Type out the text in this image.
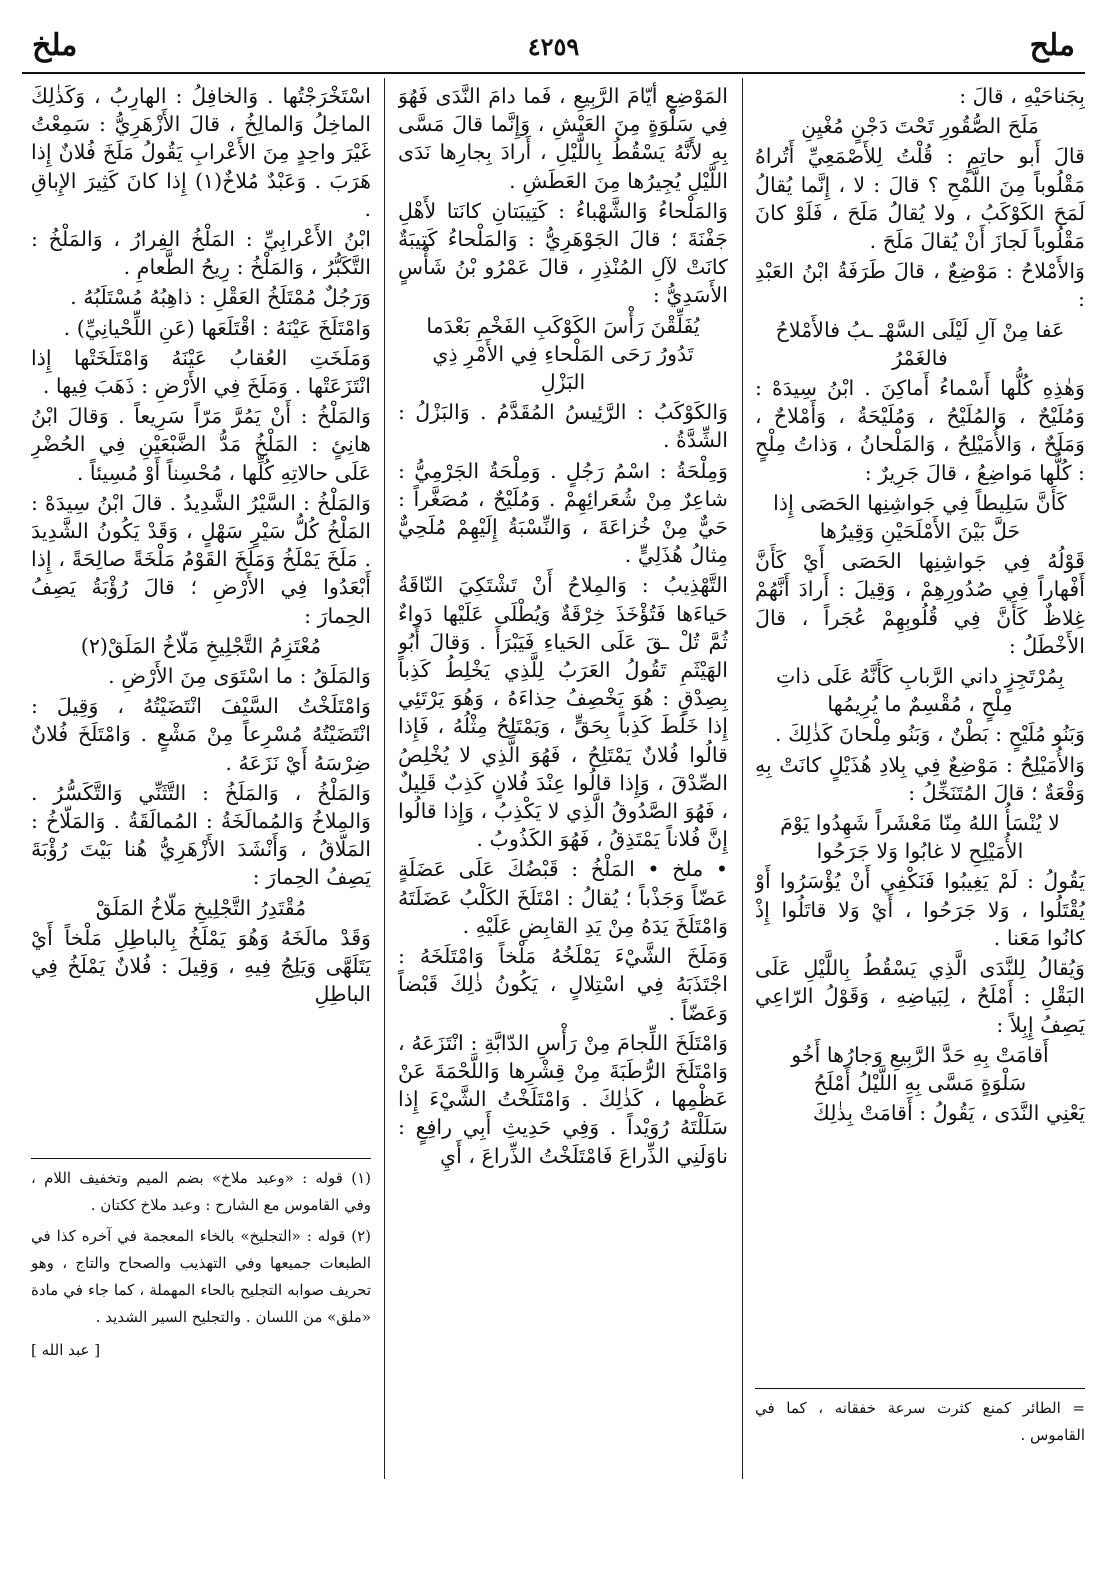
ملح
٤٢٥٩
ملخ

بِجَناحَيْهِ ، قالَ :

مَلَحَ الصُّقُورِ تَحْتَ دَجْنٍ مُغْيِنِ

قالَ أَبو حاتِمٍ : قُلْتُ لِلأَصْمَعِيِّ أَتُراهُ مَقْلُوباً مِنَ اللَّمْحِ ؟ قالَ : لا ، إِنَّما يُقالُ لَمَحَ الكَوْكَبُ ، ولا يُقالُ مَلَحَ ، فَلَوْ كانَ مَقْلُوباً لَجازَ أَنْ يُقالَ مَلَحَ .

وَالأَمْلاحُ : مَوْضِعٌ ، قالَ طَرَفَةُ ابْنُ العَبْدِ :

عَفا مِنْ آلِ لَيْلَى السَّهْـ ـبُ فالأَمْلاحُ فالغَمْرُ

وَهٰذِهِ كُلُّها أَسْماءُ أَماكِنَ . ابْنُ سِيدَهْ : وَمُلَيْحٌ ، وَالمُلَيْحُ ، وَمُلَيْحَةُ ، وَأَمْلاحٌ ، وَمَلَحٌ ، وَالأُمَيْلِحُ ، وَالمَلْحانُ ، وَذاتُ مِلْحٍ : كُلُّها مَواضِعُ ، قالَ جَرِيرٌ :

كَأَنَّ سَلِيطاً فِي جَواشِنِها الحَصَى إِذا حَلَّ بَيْنَ الأَمْلَحَيْنِ وَقِيرُها

قَوْلُهُ فِي جَواشِنِها الحَصَى أَيْ كَأَنَّ أَفْهاراً فِي صُدُورِهِمْ ، وَقِيلَ : أَرادَ أَنَّهُمْ غِلاظٌ كَأَنَّ فِي قُلُوبِهِمْ عُجَراً ، قالَ الأَخْطَلُ :

بِمُرْتَجِزٍ داني الرَّبابِ كَأَنَّهُ عَلَى ذاتِ مِلْحٍ ، مُقْسِمٌ ما يُرِيمُها

وَبَنُو مُلَيْحٍ : بَطْنٌ ، وَبَنُو مِلْحانَ كَذٰلِكَ .

وَالأُمَيْلِحُ : مَوْضِعٌ فِي بِلادِ هُذَيْلٍ كانَتْ بِهِ وَقْعَةٌ ؛ قالَ المُتَنَخِّلُ :

لا يُنْسَأُ اللهُ مِنّا مَعْشَراً شَهِدُوا يَوْمَ الأُمَيْلِحِ لا غابُوا وَلا جَرَحُوا

يَقُولُ : لَمْ يَغِيبُوا فَنَكْفِي أَنْ يُؤْسَرُوا أَوْ يُقْتَلُوا ، وَلا جَرَحُوا ، أَيْ وَلا قاتَلُوا إِذْ كانُوا مَعَنا .

وَيُقالُ لِلنَّدَى الَّذِي يَسْقُطُ بِاللَّيْلِ عَلَى البَقْلِ : أَمْلَحُ ، لِبَياضِهِ ، وَقَوْلُ الرّاعِي يَصِفُ إِبِلاً :

أَقامَتْ بِهِ حَدَّ الرَّبِيعِ وَجارُها أَخُو سَلْوَةٍ مَسَّى بِهِ اللَّيْلُ أَمْلَحُ

يَعْنِي النَّدَى ، يَقُولُ : أَقامَتْ بِذٰلِكَ

المَوْضِعِ أَيّامَ الرَّبِيعِ ، فَما دامَ النَّدَى فَهُوَ فِي سَلْوَةٍ مِنَ العَيْشِ ، وَإِنَّما قالَ مَسَّى بِهِ لأَنَّهُ يَسْقُطُ بِاللَّيْلِ ، أَرادَ بِجارِها نَدَى اللَّيْلِ يُجِيرُها مِنَ العَطَشِ .

وَالمَلْحاءُ وَالشَّهْباءُ : كَتِيبَتانِ كانَتا لأَهْلِ جَفْنَةَ ؛ قالَ الجَوْهَرِيُّ : وَالمَلْحاءُ كَتِيبَةٌ كانَتْ لآلِ المُنْذِرِ ، قالَ عَمْرُو بْنُ شَأْسٍ الأَسَدِيُّ :

يُفَلِّقْنَ رَأْسَ الكَوْكَبِ الفَخْمِ بَعْدَما تَدُورُ رَحَى المَلْحاءِ فِي الأَمْرِ ذِي البَزْلِ

وَالكَوْكَبُ : الرَّئِيسُ المُقَدَّمُ . وَالبَزْلُ : الشِّدَّةُ .

وَمِلْحَةُ : اسْمُ رَجُلٍ . وَمِلْحَةُ الجَرْمِيُّ : شاعِرٌ مِنْ شُعَرائِهِمْ . وَمُلَيْحٌ ، مُصَغَّراً : حَيٌّ مِنْ خُزاعَةَ ، وَالنِّسْبَةُ إِلَيْهِمْ مُلَحِيٌّ مِثالُ هُذَلِيٍّ .

التَّهْذِيبُ : وَالمِلاحُ أَنْ تَشْتَكِيَ النّاقَةُ حَياءَها فَتُؤْخَذَ خِرْقَةٌ وَيُطْلَى عَلَيْها دَواءٌ ثُمَّ تُلْ ـقَ عَلَى الحَياءِ فَيَبْرَأَ . وَقالَ أَبُو الهَيْثَمِ تَقُولُ العَرَبُ لِلَّذِي يَخْلِطُ كَذِباً بِصِدْقٍ : هُوَ يَخْصِفُ حِذاءَهُ ، وَهُوَ يَرْتَئِي إِذا خَلَطَ كَذِباً بِحَقٍّ ، وَيَمْتَلِحُ مِثْلُهُ ، فَإِذا قالُوا فُلانٌ يَمْتَلِحُ ، فَهُوَ الَّذِي لا يُخْلِصُ الصِّدْقَ ، وَإِذا قالُوا عِنْدَ فُلانٍ كَذِبٌ قَلِيلٌ ، فَهُوَ الصَّدُوقُ الَّذِي لا يَكْذِبُ ، وَإِذا قالُوا إِنَّ فُلاناً يَمْتَذِقُ ، فَهُوَ الكَذُوبُ .

• ملخ • المَلْخُ : قَبْضُكَ عَلَى عَضَلَةٍ عَضّاً وَجَذْباً ؛ يُقالُ : امْتَلَخَ الكَلْبُ عَضَلَتَهُ وَامْتَلَخَ يَدَهُ مِنْ يَدِ القابِضِ عَلَيْهِ .

وَمَلَخَ الشَّيْءَ يَمْلَخُهُ مَلْخاً وَامْتَلَخَهُ : اجْتَذَبَهُ فِي اسْتِلالٍ ، يَكُونُ ذٰلِكَ قَبْضاً وَعَضّاً .

وَامْتَلَخَ اللِّجامَ مِنْ رَأْسِ الدّابَّةِ : انْتَزَعَهُ ، وَامْتَلَخَ الرُّطَبَةَ مِنْ قِشْرِها وَاللَّحْمَةَ عَنْ عَظْمِها ، كَذٰلِكَ . وَامْتَلَخْتُ الشَّيْءَ إِذا سَلَلْتَهُ رُوَيْداً . وَفِي حَدِيثِ أَبِي رافِعٍ : ناوَلَنِي الذِّراعَ فَامْتَلَخْتُ الذِّراعَ ، أَيِ

اسْتَخْرَجْتُها . وَالخافِلُ : الهارِبُ ، وَكَذٰلِكَ الماخِلُ وَالمالِخُ ، قالَ الأَزْهَرِيُّ : سَمِعْتُ غَيْرَ واحِدٍ مِنَ الأَعْرابِ يَقُولُ مَلَخَ فُلانٌ إِذا هَرَبَ . وَعَبْدٌ مُلاخٌ(١) إِذا كانَ كَثِيرَ الإِباقِ .

ابْنُ الأَعْرابِيِّ : المَلْخُ الفِرارُ ، وَالمَلْخُ : التَّكَبُّرُ ، وَالمَلْخُ : رِيحُ الطَّعامِ .

وَرَجُلٌ مُمْتَلَخُ العَقْلِ : ذاهِبُهُ مُسْتَلَبُهُ .

وَامْتَلَخَ عَيْنَهُ : اقْتَلَعَها (عَنِ اللِّحْيانِيِّ) .

وَمَلَخَتِ العُقابُ عَيْنَهُ وَامْتَلَخَتْها إِذا انْتَزَعَتْها . وَمَلَخَ فِي الأَرْضِ : ذَهَبَ فِيها .

وَالمَلْخُ : أَنْ يَمُرَّ مَرّاً سَرِيعاً . وَقالَ ابْنُ هانِئٍ : المَلْخُ مَدُّ الضَّبْعَيْنِ فِي الحُضْرِ عَلَى حالاتِهِ كُلِّها ، مُحْسِناً أَوْ مُسِيئاً .

وَالمَلْخُ : السَّيْرُ الشَّدِيدُ . قالَ ابْنُ سِيدَهْ : المَلْخُ كُلُّ سَيْرٍ سَهْلٍ ، وَقَدْ يَكُونُ الشَّدِيدَ . مَلَخَ يَمْلَخُ وَمَلَخَ القَوْمُ مَلْخَةً صالِحَةً ، إِذا أَبْعَدُوا فِي الأَرْضِ ؛ قالَ رُؤْبَةُ يَصِفُ الحِمارَ :

مُعْتَزِمُ التَّجْلِيخِ مَلّاخُ المَلَقْ(٢)

وَالمَلَقُ : ما اسْتَوَى مِنَ الأَرْضِ .

وَامْتَلَخْتُ السَّيْفَ انْتَضَيْتُهُ ، وَقِيلَ : انْتَضَيْتُهُ مُسْرِعاً مِنْ مَشْعٍ . وَامْتَلَخَ فُلانٌ ضِرْسَهُ أَيْ نَزَعَهُ .

وَالمَلْخُ ، وَالمَلَخُ : التَّثَنِّي وَالتَّكَسُّرُ . وَالمِلاخُ وَالمُمالَخَةُ : المُمالَقَةُ . وَالمَلّاخُ : المَلّاقُ ، وَأَنْشَدَ الأَزْهَرِيُّ هُنا بَيْتَ رُؤْبَةَ يَصِفُ الحِمارَ :

مُقْتَدِرُ التَّجْلِيخِ مَلّاخُ المَلَقْ

وَقَدْ مالَخَهُ وَهُوَ يَمْلَخُ بِالباطِلِ مَلْخاً أَيْ يَتَلَهَّى وَيَلِجُ فِيهِ ، وَقِيلَ : فُلانٌ يَمْلَخُ فِي الباطِلِ

(١) قوله : «وعبد ملاخ» بضم الميم وتخفيف اللام ، وفي القاموس مع الشارح : وعبد ملاخ ككتان .

(٢) قوله : «التجليخ» بالخاء المعجمة في آخره كذا في الطبعات جميعها وفي التهذيب والصحاح والتاج ، وهو تحريف صوابه التجليح بالحاء المهملة ، كما جاء في مادة «ملق» من اللسان . والتجليح السير الشديد .

[ عبد الله ]

= الطائر كمنع كثرت سرعة خفقانه ، كما في القاموس .
